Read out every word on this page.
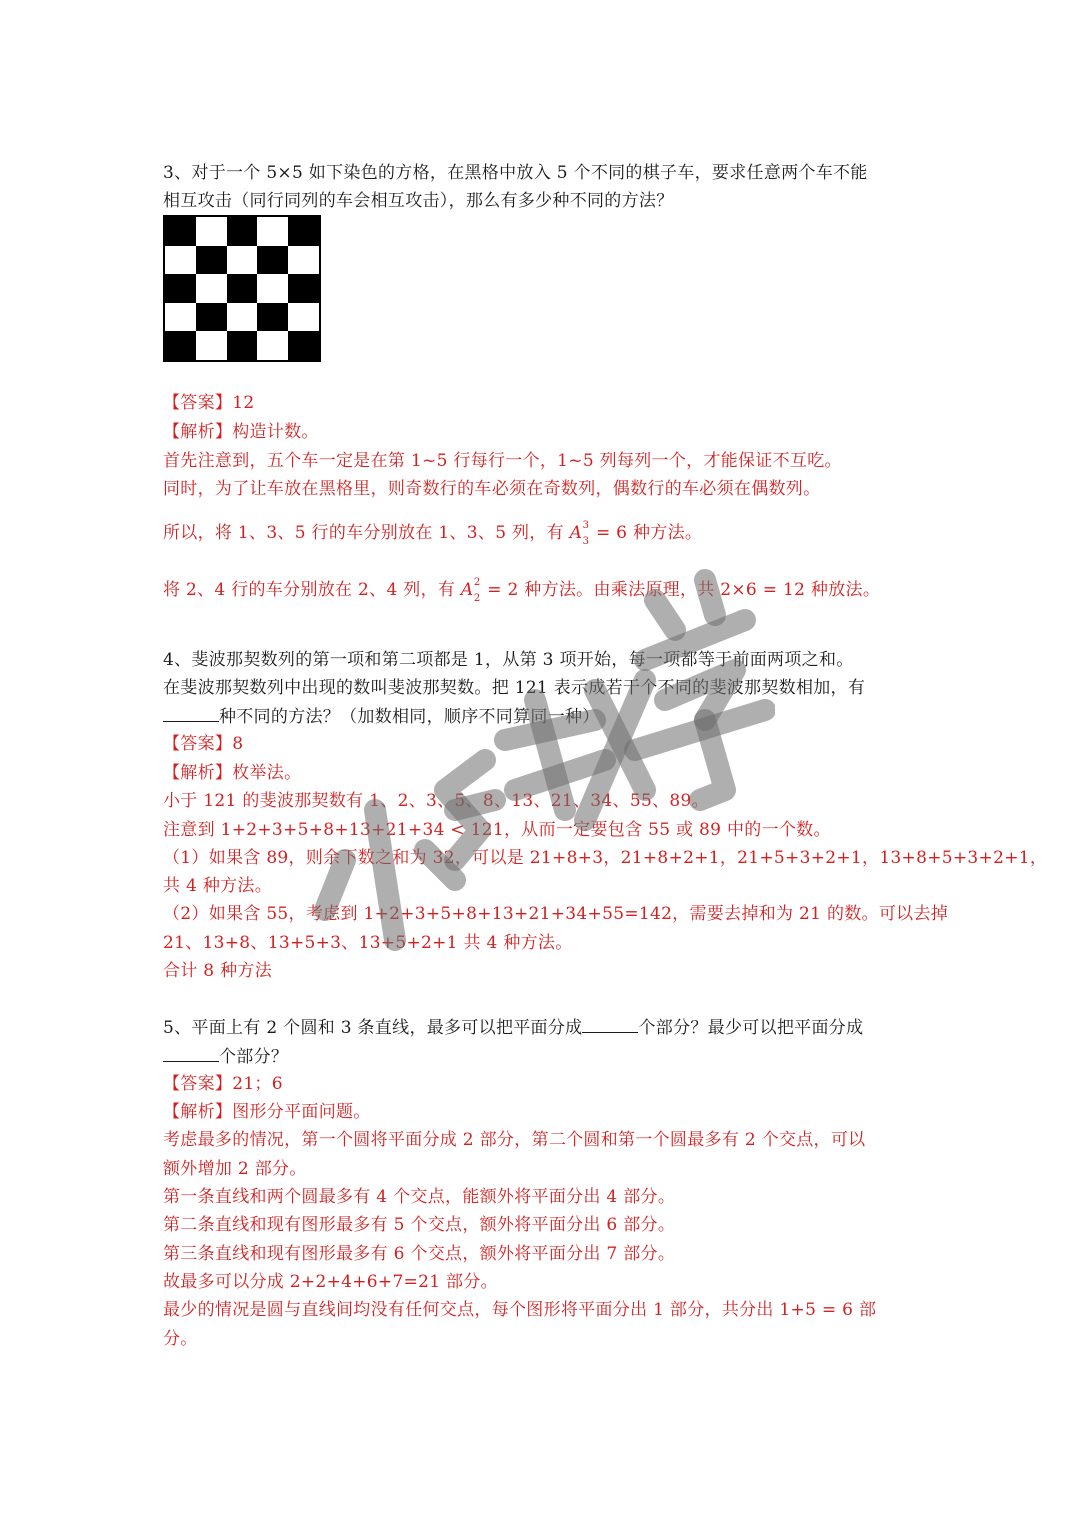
3、对于一个 5×5 如下染色的方格，在黑格中放入 5 个不同的棋子车，要求任意两个车不能
相互攻击（同行同列的车会相互攻击），那么有多少种不同的方法？
【答案】12
【解析】构造计数。
首先注意到，五个车一定是在第 1~5 行每行一个，1~5 列每列一个，才能保证不互吃。
同时，为了让车放在黑格里，则奇数行的车必须在奇数列，偶数行的车必须在偶数列。
所以，将 1、3、5 行的车分别放在 1、3、5 列，有 A 3
3 = 6 种方法。
将 2、4 行的车分别放在 2、4 列，有 A 2
2 = 2 种方法。由乘法原理，共 2×6 = 12 种放法。
4、斐波那契数列的第一项和第二项都是 1，从第 3 项开始，每一项都等于前面两项之和。
在斐波那契数列中出现的数叫斐波那契数。把 121 表示成若干个不同的斐波那契数相加，有
种不同的方法？（加数相同，顺序不同算同一种）
【答案】8
【解析】枚举法。
小于 121 的斐波那契数有 1、2、3、5、8、13、21、34、55、89。
注意到 1+2+3+5+8+13+21+34 < 121，从而一定要包含 55 或 89 中的一个数。
（1）如果含 89，则余下数之和为 32，可以是 21+8+3，21+8+2+1，21+5+3+2+1，13+8+5+3+2+1，
共 4 种方法。
（2）如果含 55，考虑到 1+2+3+5+8+13+21+34+55=142，需要去掉和为 21 的数。可以去掉
21、13+8、13+5+3、13+5+2+1 共 4 种方法。
合计 8 种方法
5、平面上有 2 个圆和 3 条直线，最多可以把平面分成	个部分？最少可以把平面分成
个部分？
【答案】21；6
【解析】图形分平面问题。
考虑最多的情况，第一个圆将平面分成 2 部分，第二个圆和第一个圆最多有 2 个交点，可以
额外增加 2 部分。
第一条直线和两个圆最多有 4 个交点，能额外将平面分出 4 部分。
第二条直线和现有图形最多有 5 个交点，额外将平面分出 6 部分。
第三条直线和现有图形最多有 6 个交点，额外将平面分出 7 部分。
故最多可以分成 2+2+4+6+7=21 部分。
最少的情况是圆与直线间均没有任何交点，每个图形将平面分出 1 部分，共分出 1+5 = 6 部
分。
